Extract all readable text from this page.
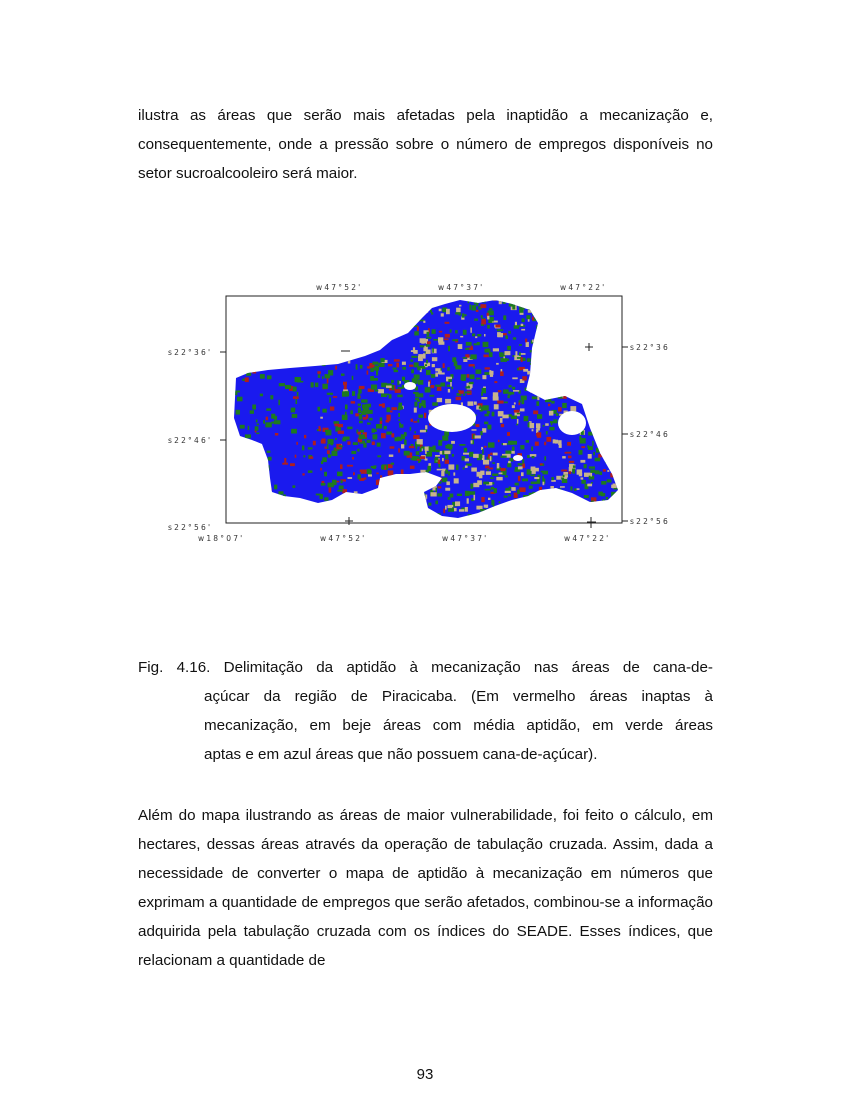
ilustra as áreas que serão mais afetadas pela inaptidão a mecanização e, consequentemente, onde a pressão sobre o número de empregos disponíveis no setor sucroalcooleiro será maior.

w47°52'	w47°37'	w47°22'
w18°07'	w47°52'	w47°37'	w47°22'
s22°36'
s22°46'
s22°56'
s22°36
s22°46
s22°56
Fig. 4.16. Delimitação da aptidão à mecanização nas áreas de cana-de-
açúcar da região de Piracicaba. (Em vermelho áreas inaptas à
mecanização, em beje áreas com média aptidão, em verde áreas
aptas e em azul áreas que não possuem cana-de-açúcar).

Além do mapa ilustrando as áreas de maior vulnerabilidade, foi feito o cálculo, em hectares, dessas áreas através da operação de tabulação cruzada. Assim, dada a necessidade de converter o mapa de aptidão à mecanização em números que exprimam a quantidade de empregos que serão afetados, combinou-se a informação adquirida pela tabulação cruzada com os índices do SEADE. Esses índices, que relacionam a quantidade de

93
